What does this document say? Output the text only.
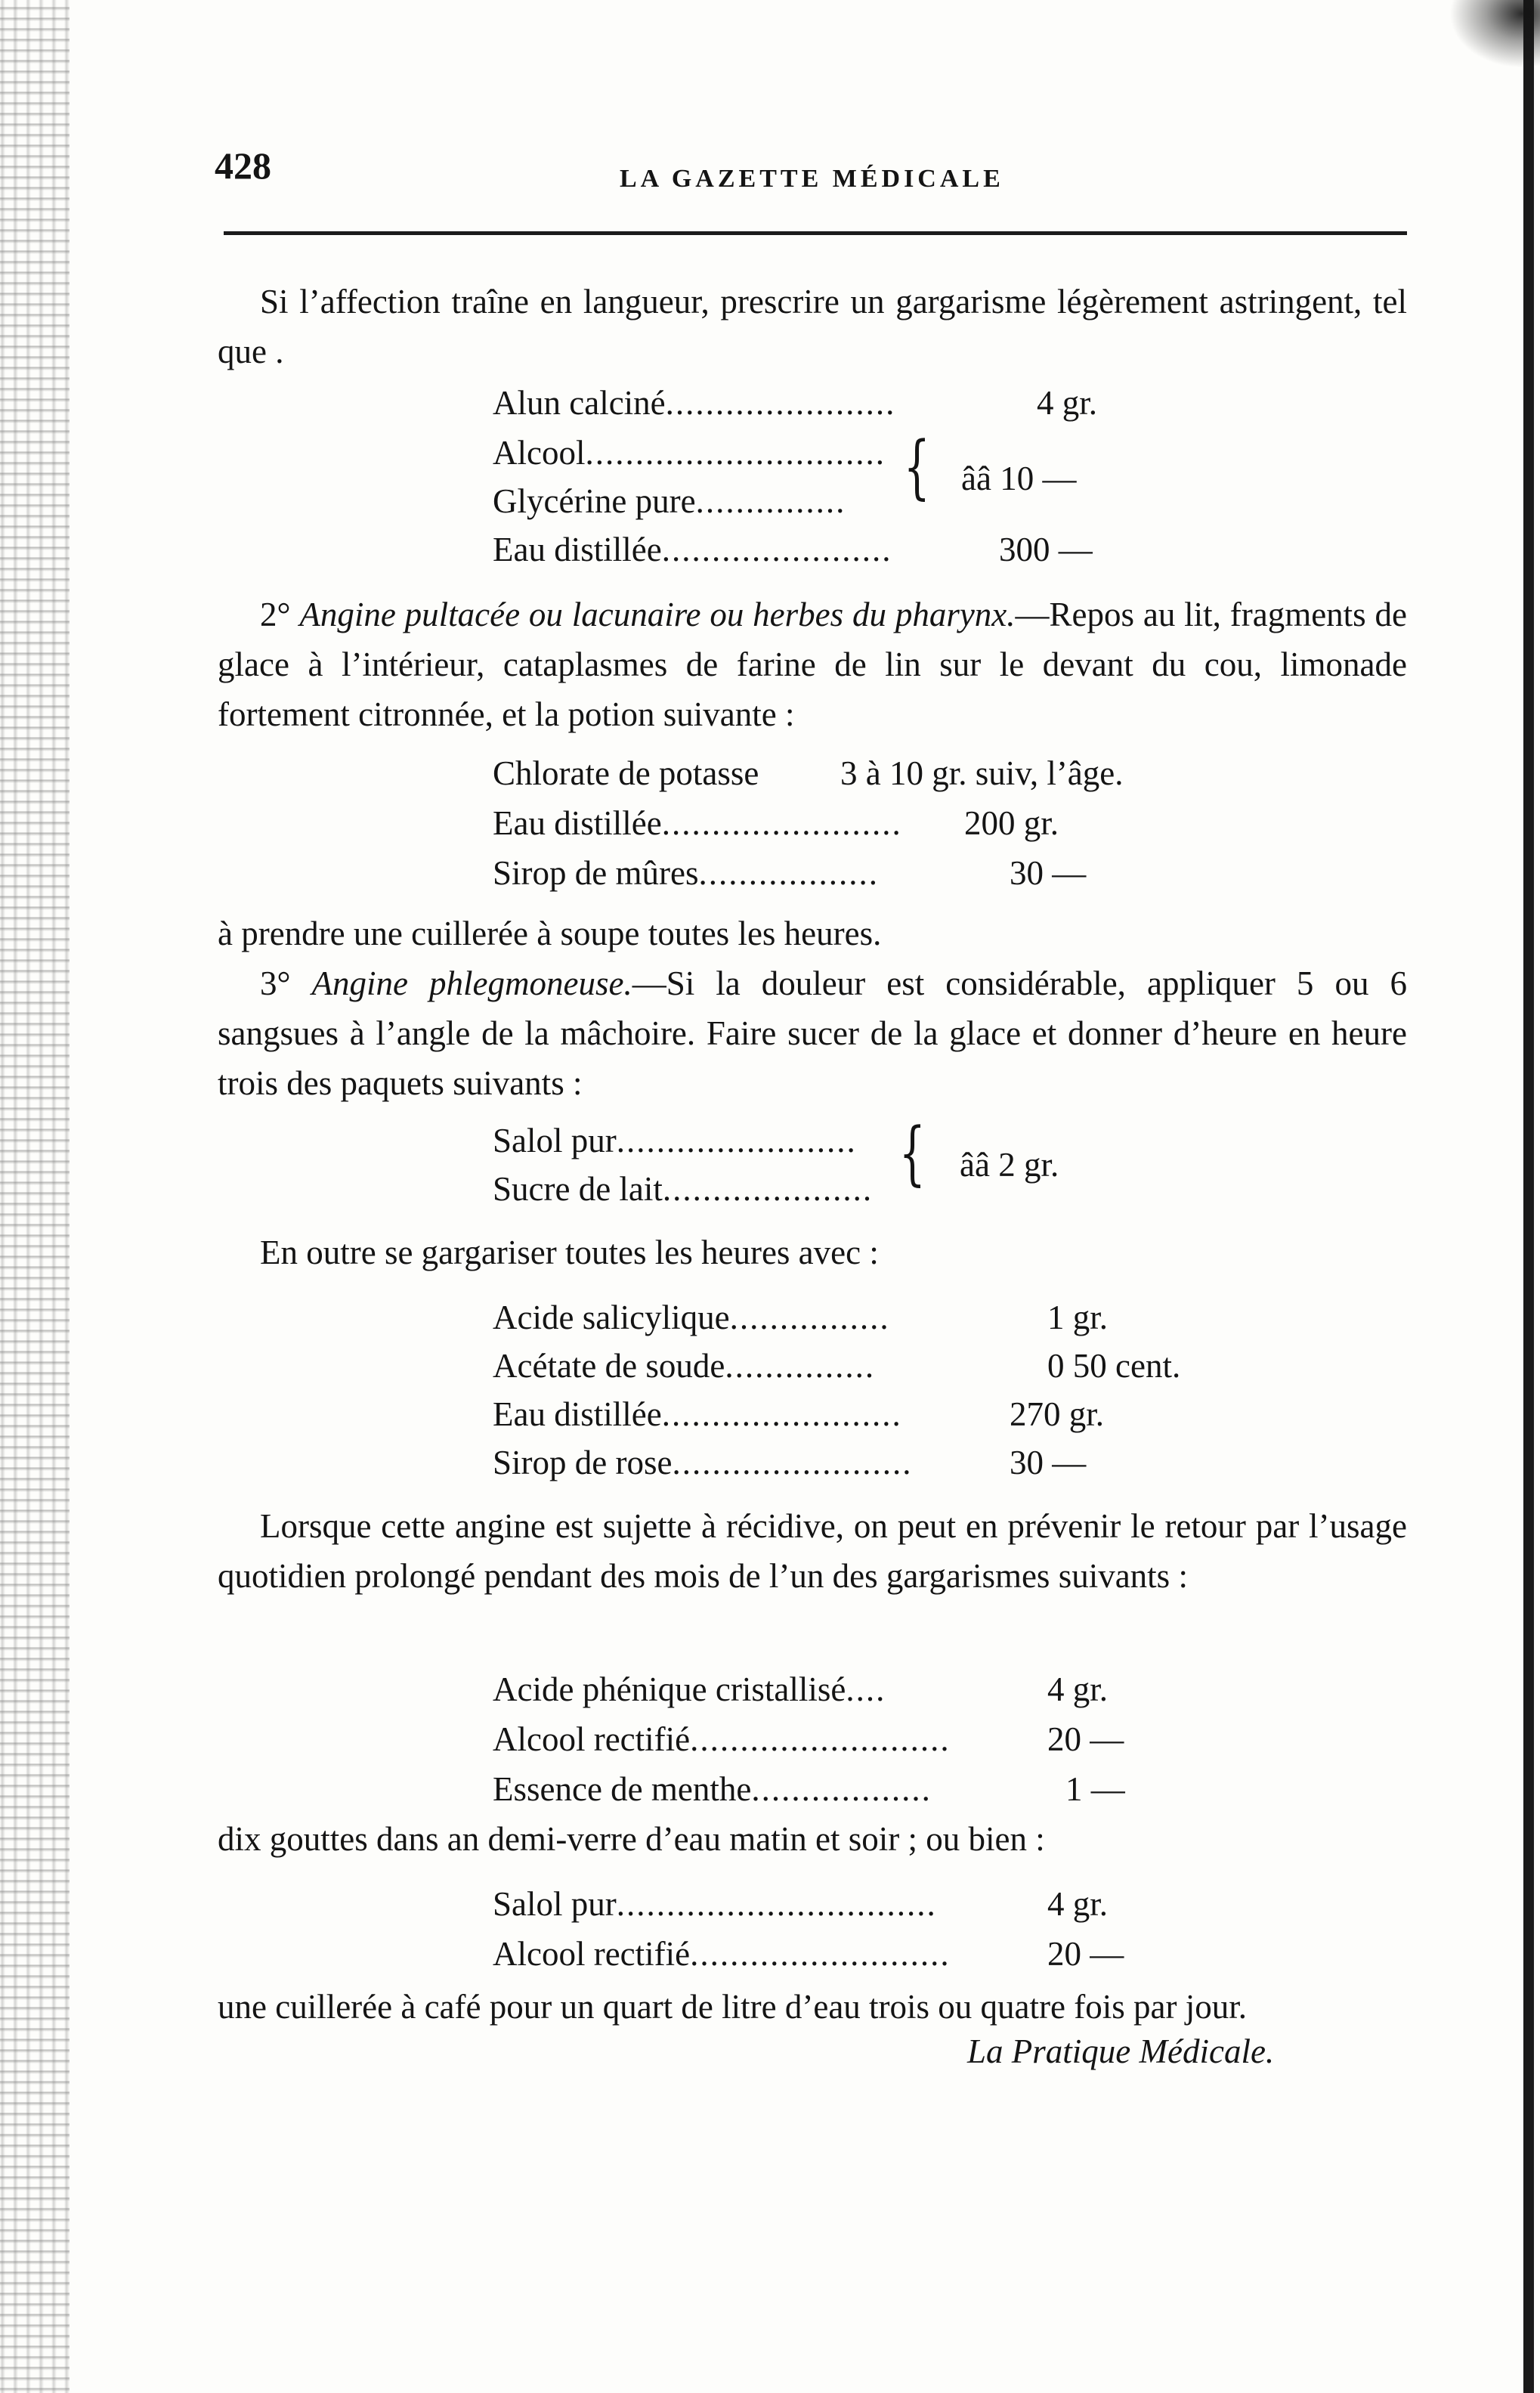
428	LA GAZETTE MÉDICALE
Si l’affection traîne en langueur, prescrire un gargarisme légèrement astringent, tel que .
Alun calciné.......................	4 gr.
Alcool..............................
Glycérine pure............... { ââ 10 —
Eau distillée.......................	300 —
2° Angine pultacée ou lacunaire ou herbes du pharynx.—Repos au lit, fragments de glace à l’intérieur, cataplasmes de farine de lin sur le devant du cou, limonade fortement citronnée, et la potion suivante :
Chlorate de potasse 3 à 10 gr. suiv, l’âge.
Eau distillée........................ 200 gr.
Sirop de mûres..................	30 —
à prendre une cuillerée à soupe toutes les heures.
3° Angine phlegmoneuse.—Si la douleur est considérable, appliquer 5 ou 6 sangsues à l’angle de la mâchoire. Faire sucer de la glace et donner d’heure en heure trois des paquets suivants :
Salol pur........................
Sucre de lait..................... { ââ 2 gr.
En outre se gargariser toutes les heures avec :
Acide salicylique................	1 gr.
Acétate de soude...............	0 50 cent.
Eau distillée........................	270 gr.
Sirop de rose........................	30 —
Lorsque cette angine est sujette à récidive, on peut en prévenir le retour par l’usage quotidien prolongé pendant des mois de l’un des gargarismes suivants :
Acide phénique cristallisé....	4 gr.
Alcool rectifié..........................	20 —
Essence de menthe..................	1 —
dix gouttes dans an demi-verre d’eau matin et soir ; ou bien :
Salol pur................................	4 gr.
Alcool rectifié..........................	20 —
une cuillerée à café pour un quart de litre d’eau trois ou quatre fois par jour.
La Pratique Médicale.
